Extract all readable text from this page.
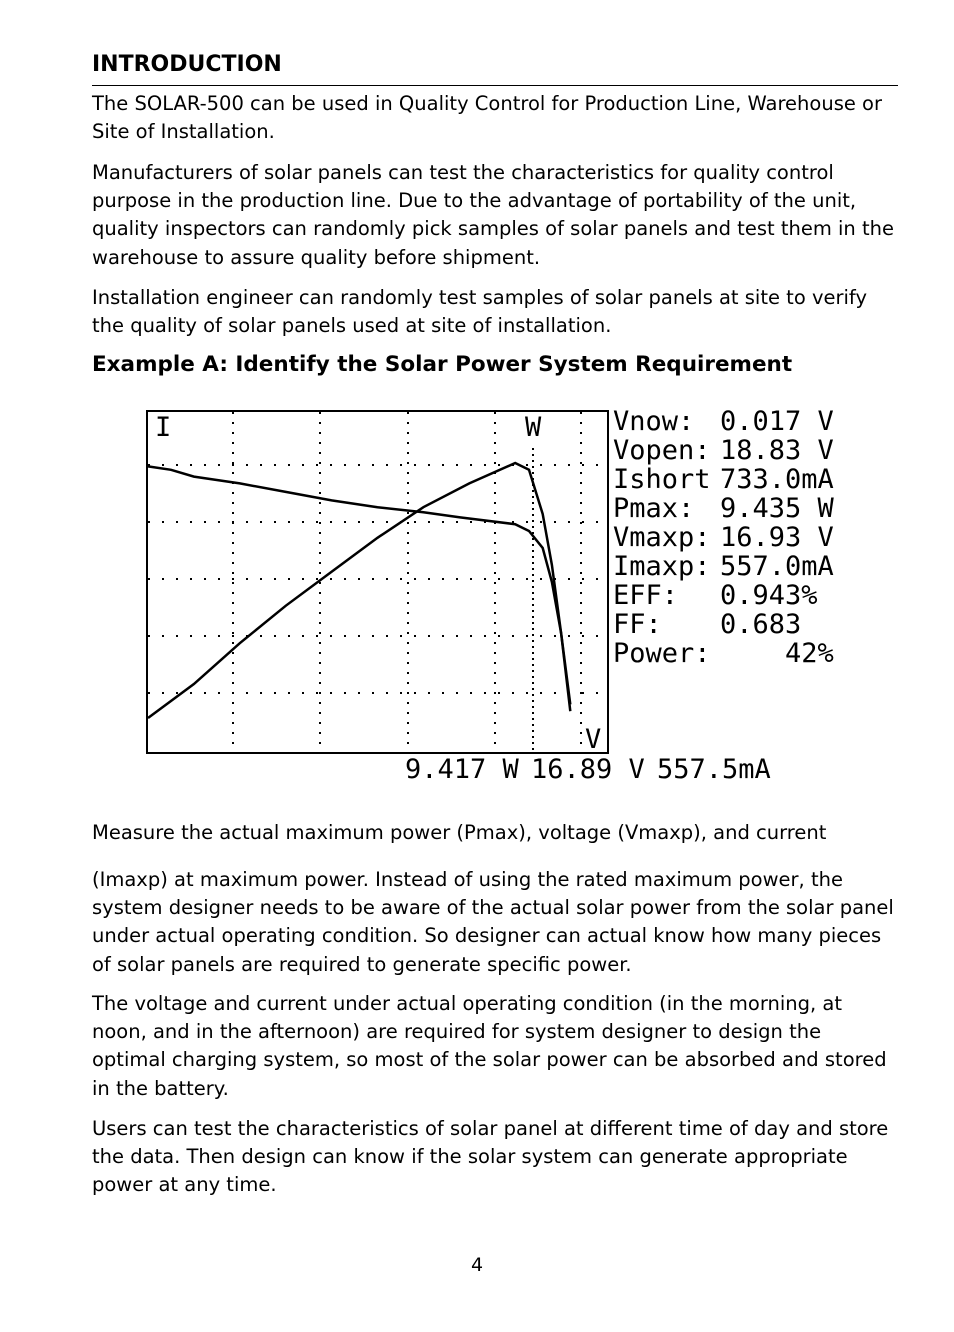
INTRODUCTION
The SOLAR-500 can be used in Quality Control for Production Line, Warehouse or Site of Installation.
Manufacturers of solar panels can test the characteristics for quality control purpose in the production line. Due to the advantage of portability of the unit, quality inspectors can randomly pick samples of solar panels and test them in the warehouse to assure quality before shipment.
Installation engineer can randomly test samples of solar panels at site to verify the quality of solar panels used at site of installation.
Example A: Identify the Solar Power System Requirement
Measure the actual maximum power (Pmax), voltage (Vmaxp), and current
(Imaxp) at maximum power. Instead of using the rated maximum power, the system designer needs to be aware of the actual solar power from the solar panel under actual operating condition. So designer can actual know how many pieces of solar panels are required to generate specific power.
The voltage and current under actual operating condition (in the morning, at noon, and in the afternoon) are required for system designer to design the optimal charging system, so most of the solar power can be absorbed and stored in the battery.
Users can test the characteristics of solar panel at different time of day and store the data. Then design can know if the solar system can generate appropriate power at any time.
I	W
V
Vnow: 0.017 V
Vopen: 18.83 V
Ishort 733.0mA
Pmax: 9.435 W
Vmaxp: 16.93 V
Imaxp: 557.0mA
EFF: 0.943%
FF: 0.683
Power:	42%
9.417 W 16.89 V 557.5mA
4
